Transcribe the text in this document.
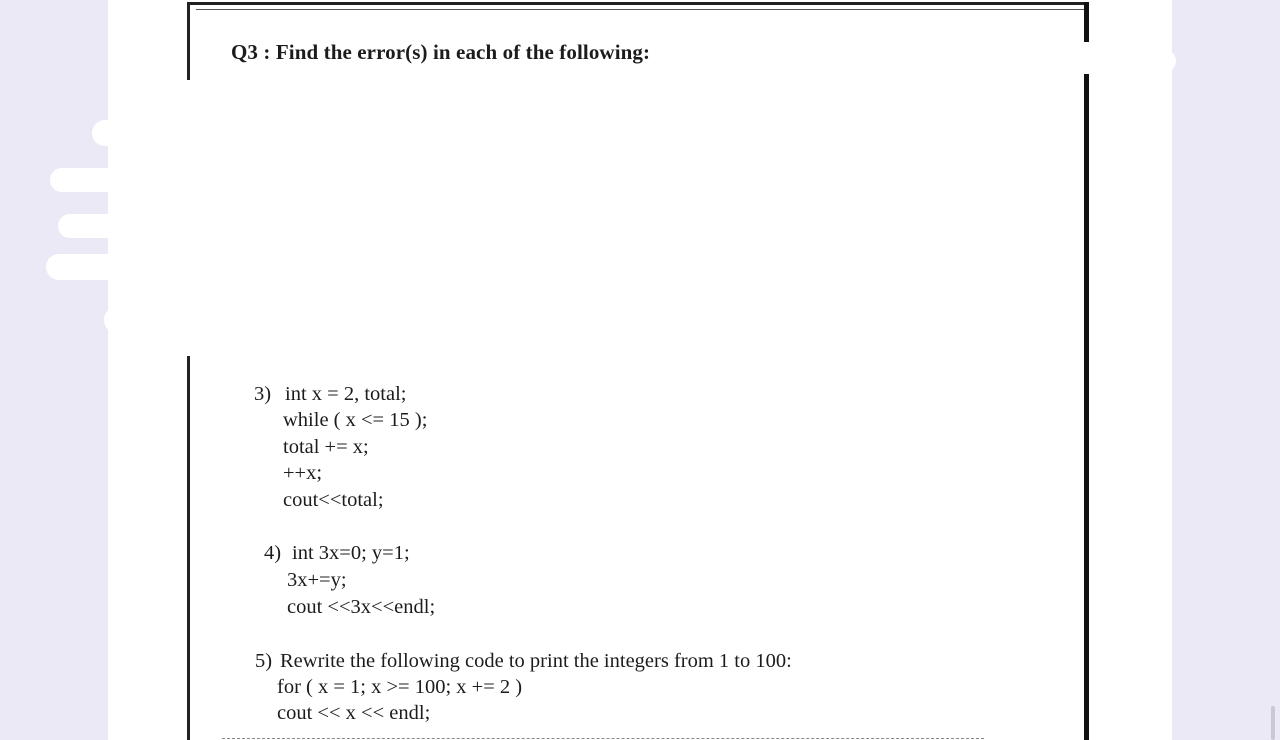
Q3 : Find the error(s) in each of the following:
3) int x = 2, total;
while ( x <= 15 );
total += x;
++x;
cout<<total;
4) int 3x=0; y=1;
3x+=y;
cout <<3x<<endl;
5) Rewrite the following code to print the integers from 1 to 100:
for ( x = 1; x >= 100; x += 2 )
cout << x << endl;
